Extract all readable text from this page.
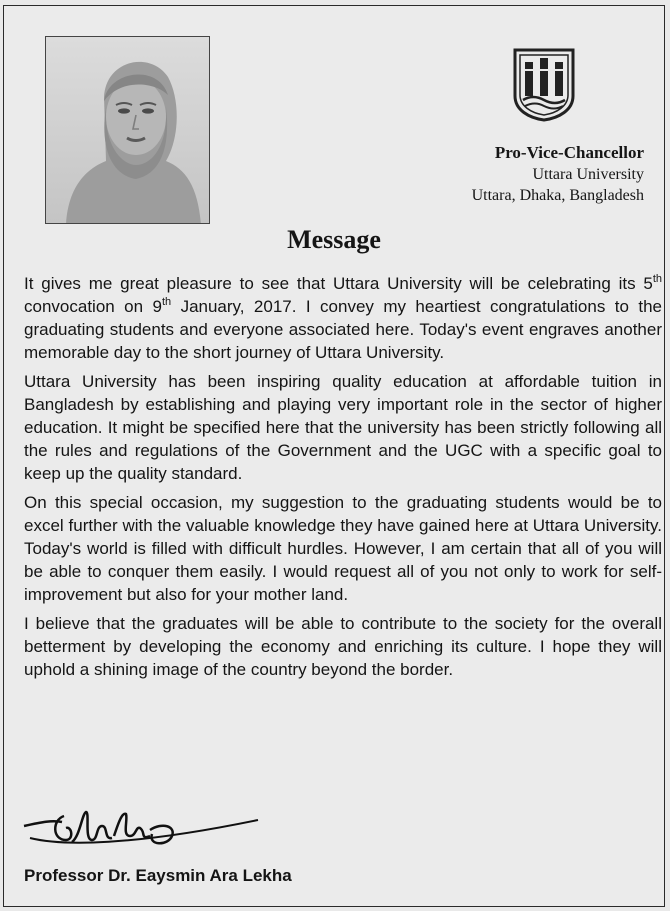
Pro-Vice-Chancellor
Uttara University
Uttara, Dhaka, Bangladesh
Message

It gives me great pleasure to see that Uttara University will be celebrating its 5th convocation on 9th January, 2017. I convey my heartiest congratulations to the graduating students and everyone associated here. Today's event engraves another memorable day to the short journey of Uttara University.

Uttara University has been inspiring quality education at affordable tuition in Bangladesh by establishing and playing very important role in the sector of higher education. It might be specified here that the university has been strictly following all the rules and regulations of the Government and the UGC with a specific goal to keep up the quality standard.

On this special occasion, my suggestion to the graduating students would be to excel further with the valuable knowledge they have gained here at Uttara University. Today's world is filled with difficult hurdles. However, I am certain that all of you will be able to conquer them easily. I would request all of you not only to work for self-improvement but also for your mother land.

I believe that the graduates will be able to contribute to the society for the overall betterment by developing the economy and enriching its culture. I hope they will uphold a shining image of the country beyond the border.

Professor Dr. Eaysmin Ara Lekha
